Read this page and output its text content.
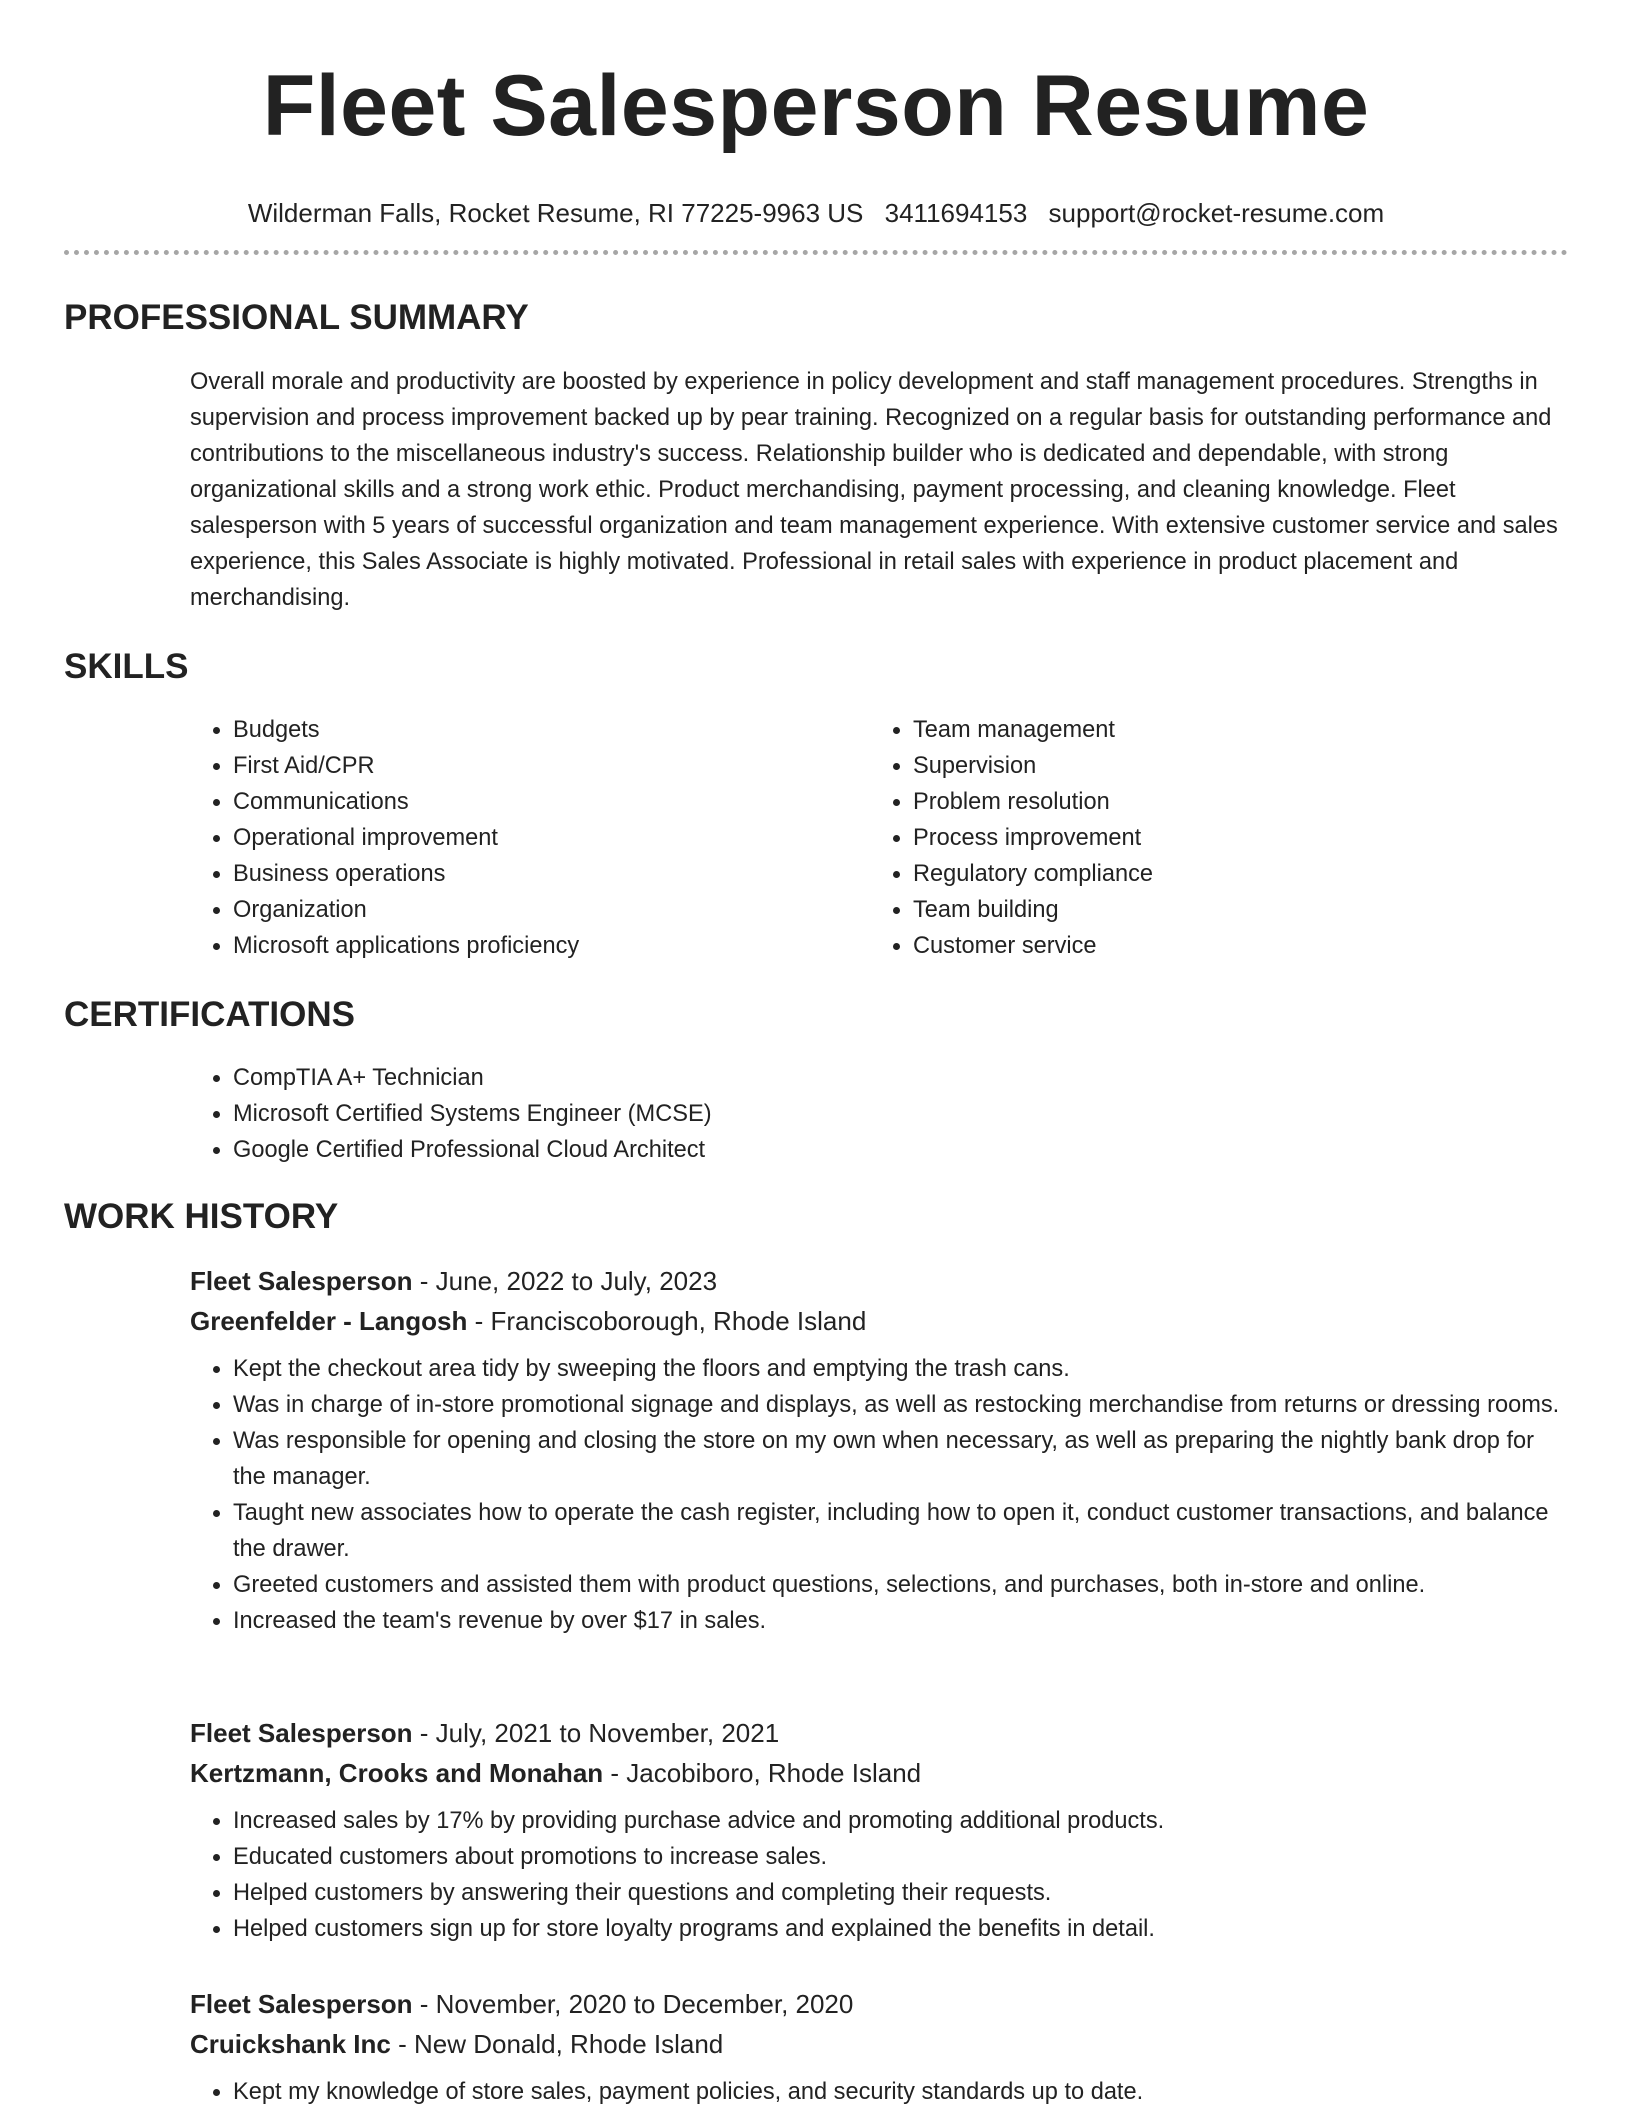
Fleet Salesperson Resume
Wilderman Falls, Rocket Resume, RI 77225-9963 US 3411694153 support@rocket-resume.com
PROFESSIONAL SUMMARY

Overall morale and productivity are boosted by experience in policy development and staff management procedures. Strengths in supervision and process improvement backed up by pear training. Recognized on a regular basis for outstanding performance and contributions to the miscellaneous industry's success. Relationship builder who is dedicated and dependable, with strong organizational skills and a strong work ethic. Product merchandising, payment processing, and cleaning knowledge. Fleet salesperson with 5 years of successful organization and team management experience. With extensive customer service and sales experience, this Sales Associate is highly motivated. Professional in retail sales with experience in product placement and merchandising.

SKILLS
• Budgets
• First Aid/CPR
• Communications
• Operational improvement
• Business operations
• Organization
• Microsoft applications proficiency
• Team management
• Supervision
• Problem resolution
• Process improvement
• Regulatory compliance
• Team building
• Customer service
CERTIFICATIONS
• CompTIA A+ Technician
• Microsoft Certified Systems Engineer (MCSE)
• Google Certified Professional Cloud Architect
WORK HISTORY
Fleet Salesperson - June, 2022 to July, 2023
Greenfelder - Langosh - Franciscoborough, Rhode Island
• Kept the checkout area tidy by sweeping the floors and emptying the trash cans.
• Was in charge of in-store promotional signage and displays, as well as restocking merchandise from returns or dressing rooms.
• Was responsible for opening and closing the store on my own when necessary, as well as preparing the nightly bank drop for the manager.
• Taught new associates how to operate the cash register, including how to open it, conduct customer transactions, and balance the drawer.
• Greeted customers and assisted them with product questions, selections, and purchases, both in-store and online.
• Increased the team's revenue by over $17 in sales.
Fleet Salesperson - July, 2021 to November, 2021
Kertzmann, Crooks and Monahan - Jacobiboro, Rhode Island
• Increased sales by 17% by providing purchase advice and promoting additional products.
• Educated customers about promotions to increase sales.
• Helped customers by answering their questions and completing their requests.
• Helped customers sign up for store loyalty programs and explained the benefits in detail.
Fleet Salesperson - November, 2020 to December, 2020
Cruickshank Inc - New Donald, Rhode Island
• Kept my knowledge of store sales, payment policies, and security standards up to date.
